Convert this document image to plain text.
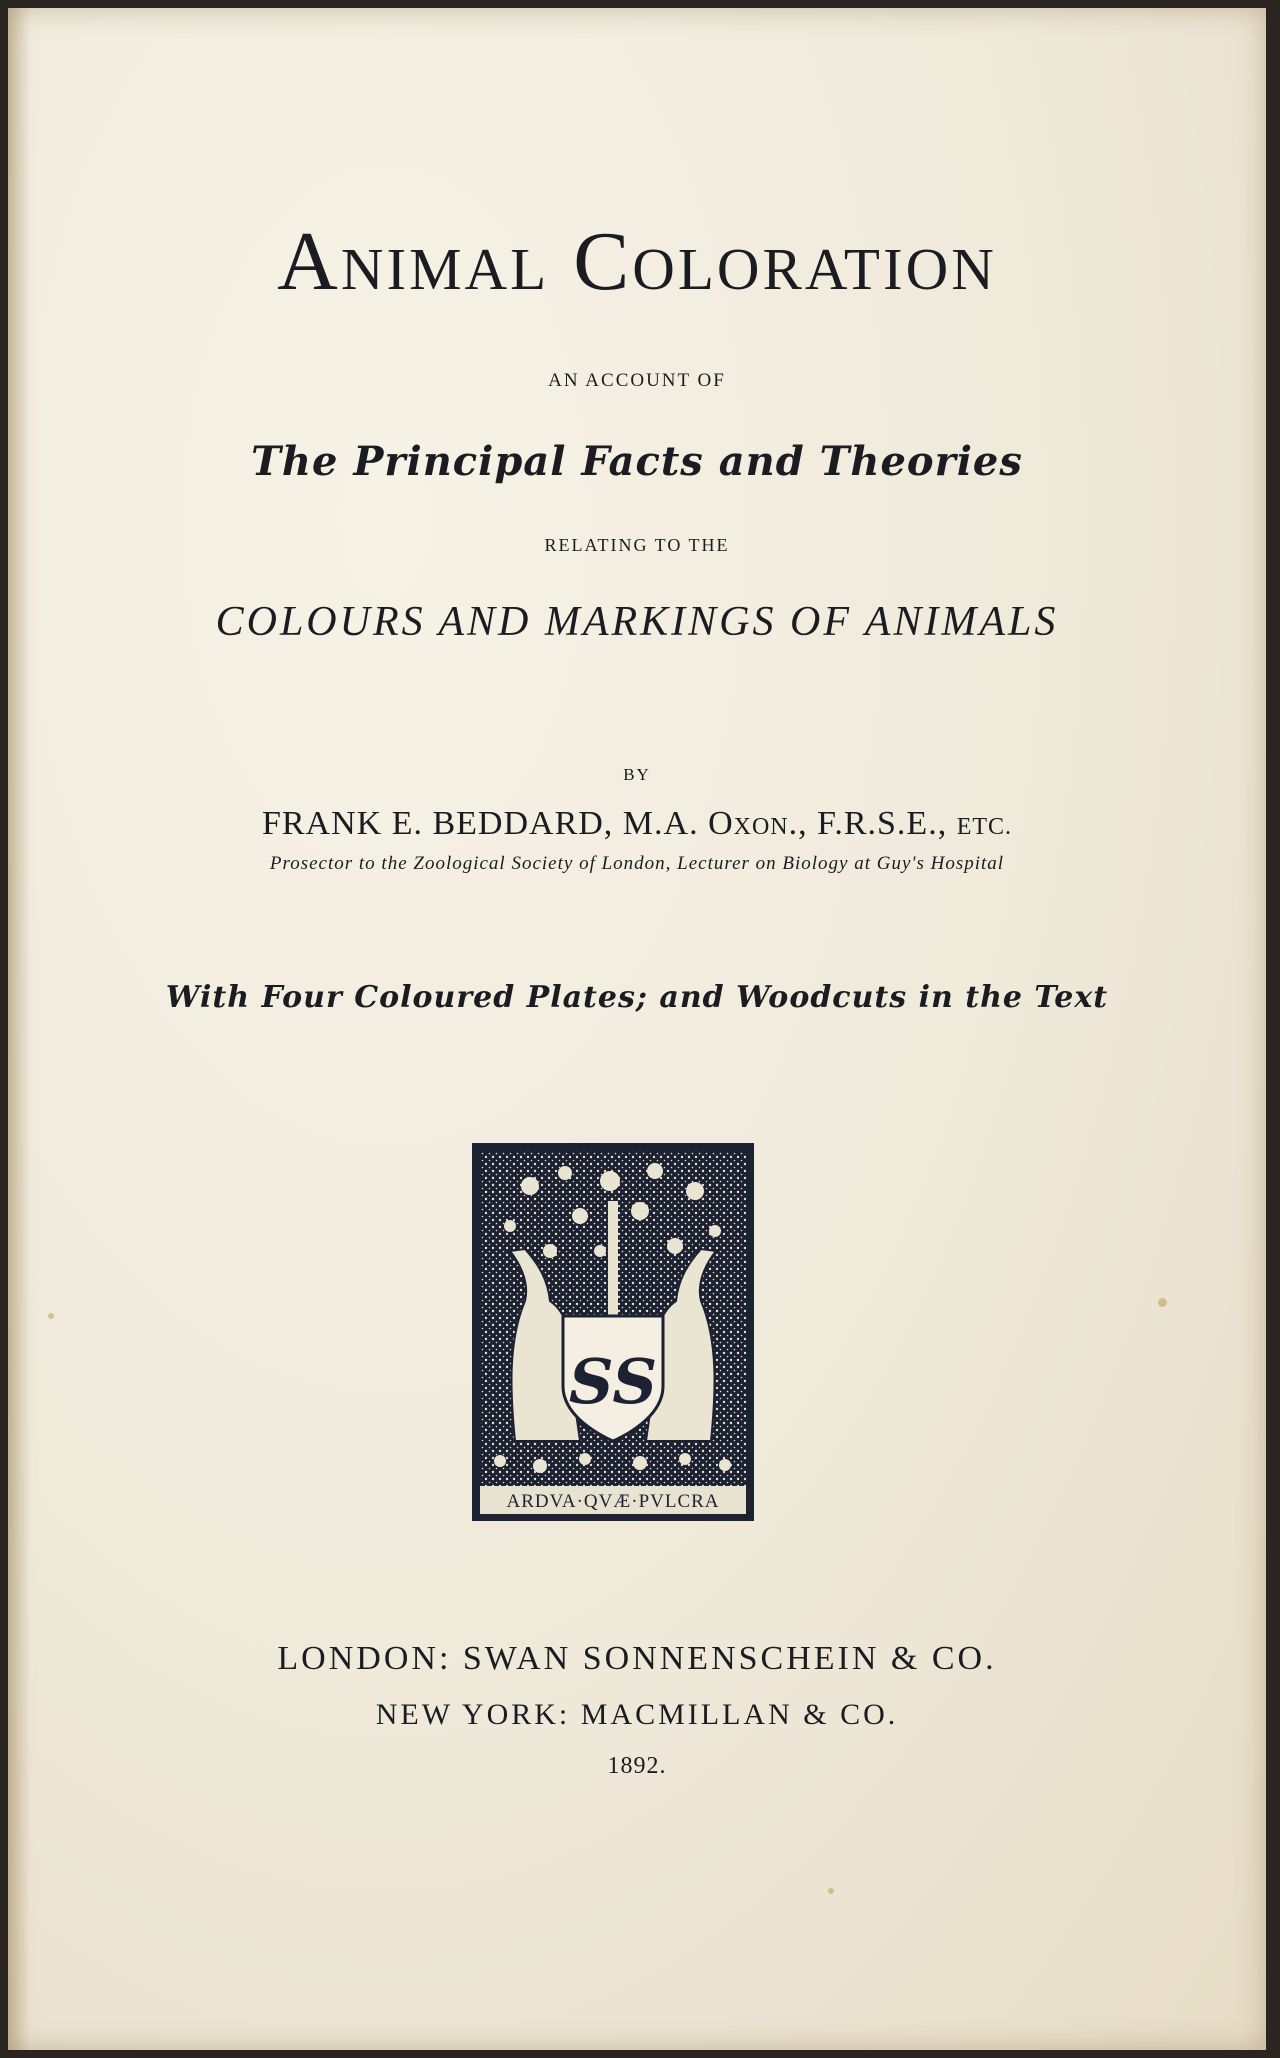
Animal Coloration
AN ACCOUNT OF
The Principal Facts and Theories
RELATING TO THE
COLOURS AND MARKINGS OF ANIMALS
BY
FRANK E. BEDDARD, M.A. Oxon., F.R.S.E., ETC.
Prosector to the Zoological Society of London, Lecturer on Biology at Guy's Hospital
With Four Coloured Plates; and Woodcuts in the Text
SS
ARDVA·QVÆ·PVLCRA
LONDON: SWAN SONNENSCHEIN & CO.
NEW YORK: MACMILLAN & CO.
1892.
